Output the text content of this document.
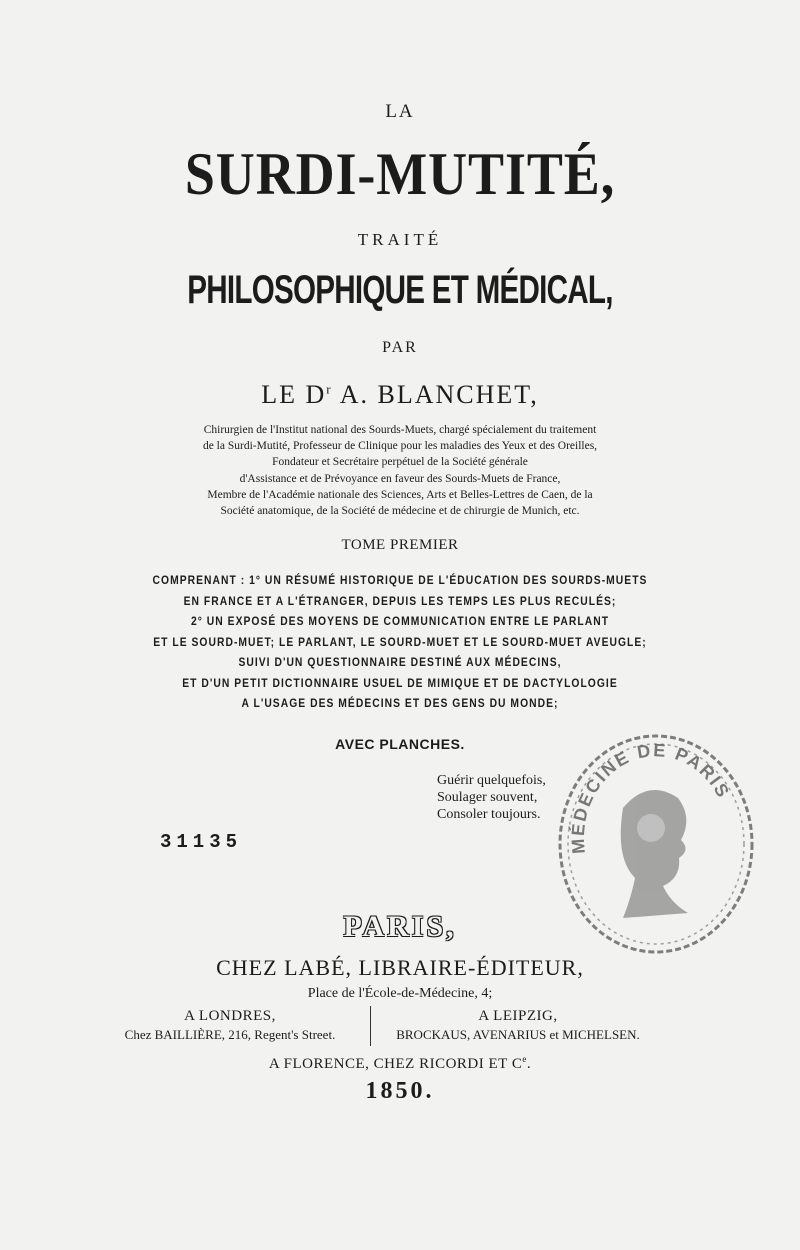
LA
SURDI-MUTITÉ,
TRAITÉ
PHILOSOPHIQUE ET MÉDICAL,
PAR
LE $D^r$ A. BLANCHET,
Chirurgien de l'Institut national des Sourds-Muets, chargé spécialement du traitement
de la Surdi-Mutité, Professeur de Clinique pour les maladies des Yeux et des Oreilles,
Fondateur et Secrétaire perpétuel de la Société générale
d'Assistance et de Prévoyance en faveur des Sourds-Muets de France,
Membre de l'Académie nationale des Sciences, Arts et Belles-Lettres de Caen, de la
Société anatomique, de la Société de médecine et de chirurgie de Munich, etc.
TOME PREMIER
COMPRENANT : 1° UN RÉSUMÉ HISTORIQUE DE L'ÉDUCATION DES SOURDS-MUETS
EN FRANCE ET A L'ÉTRANGER, DEPUIS LES TEMPS LES PLUS RECULÉS;
2° UN EXPOSÉ DES MOYENS DE COMMUNICATION ENTRE LE PARLANT
ET LE SOURD-MUET; LE PARLANT, LE SOURD-MUET ET LE SOURD-MUET AVEUGLE;
SUIVI D'UN QUESTIONNAIRE DESTINÉ AUX MÉDECINS,
ET D'UN PETIT DICTIONNAIRE USUEL DE MIMIQUE ET DE DACTYLOLOGIE
A L'USAGE DES MÉDECINS ET DES GENS DU MONDE;
AVEC PLANCHES.
Guérir quelquefois,
Soulager souvent,
Consoler toujours.
31135	MÉDECINE DE PARIS
PARIS,
CHEZ LABÉ, LIBRAIRE-ÉDITEUR,
Place de l'École-de-Médecine, 4;
A LONDRES,
Chez BAILLIÈRE, 216, Regent's Street.
A LEIPZIG,
BROCKAUS, AVENARIUS et MICHELSEN.
A FLORENCE, CHEZ RICORDI ET Ce.
1850.
